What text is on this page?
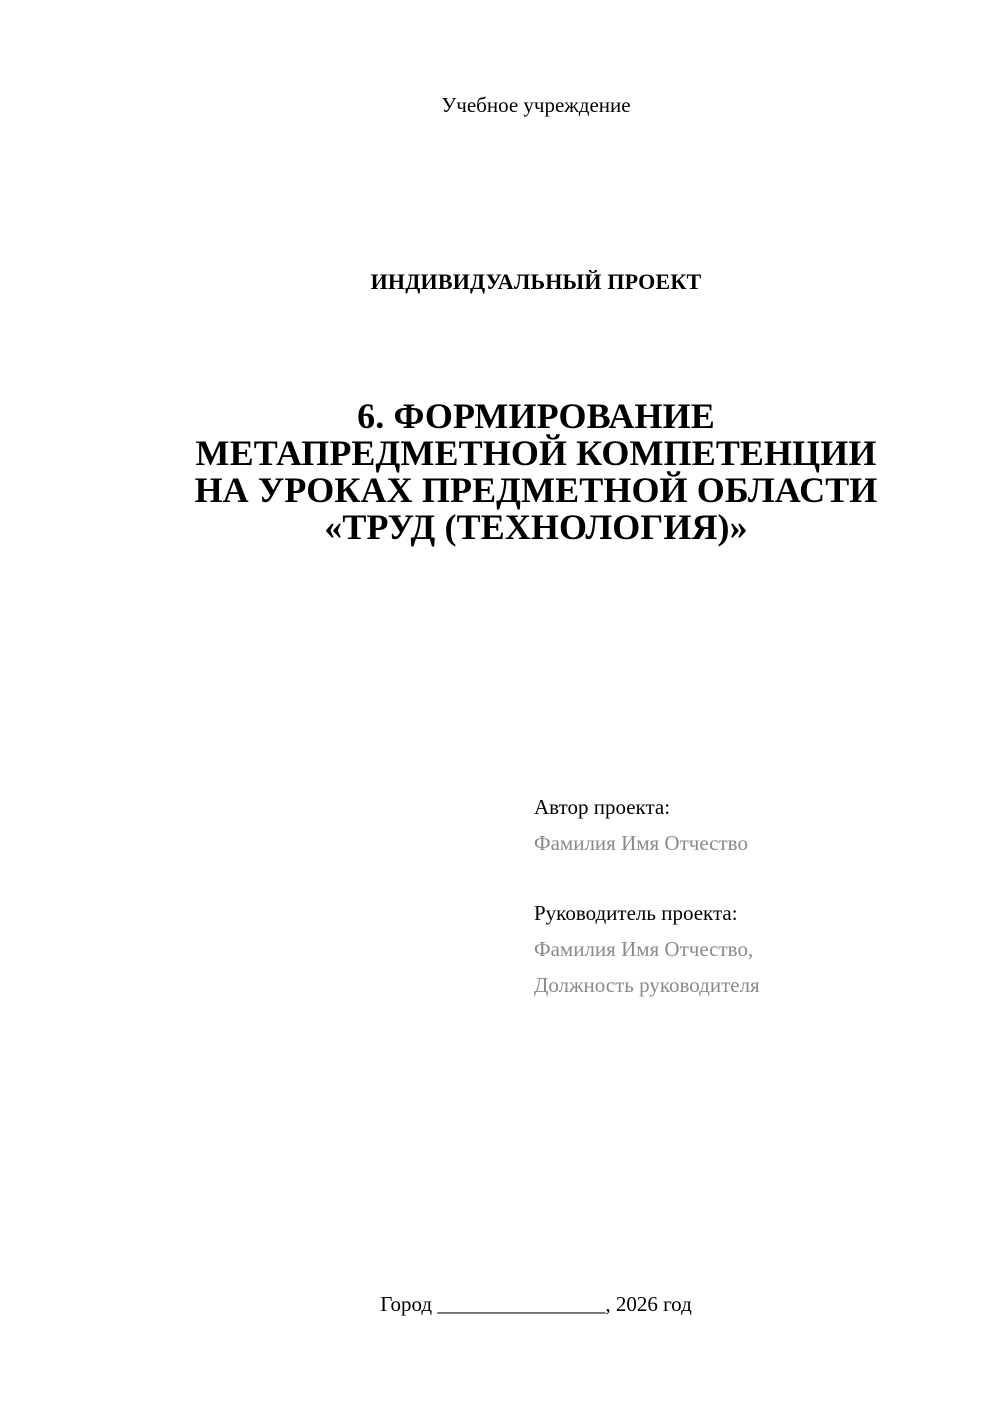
Учебное учреждение
ИНДИВИДУАЛЬНЫЙ ПРОЕКТ
6. ФОРМИРОВАНИЕ
МЕТАПРЕДМЕТНОЙ КОМПЕТЕНЦИИ
НА УРОКАХ ПРЕДМЕТНОЙ ОБЛАСТИ
«ТРУД (ТЕХНОЛОГИЯ)»
Автор проекта:
Фамилия Имя Отчество
Руководитель проекта:
Фамилия Имя Отчество,
Должность руководителя
Город ________________, 2026 год
